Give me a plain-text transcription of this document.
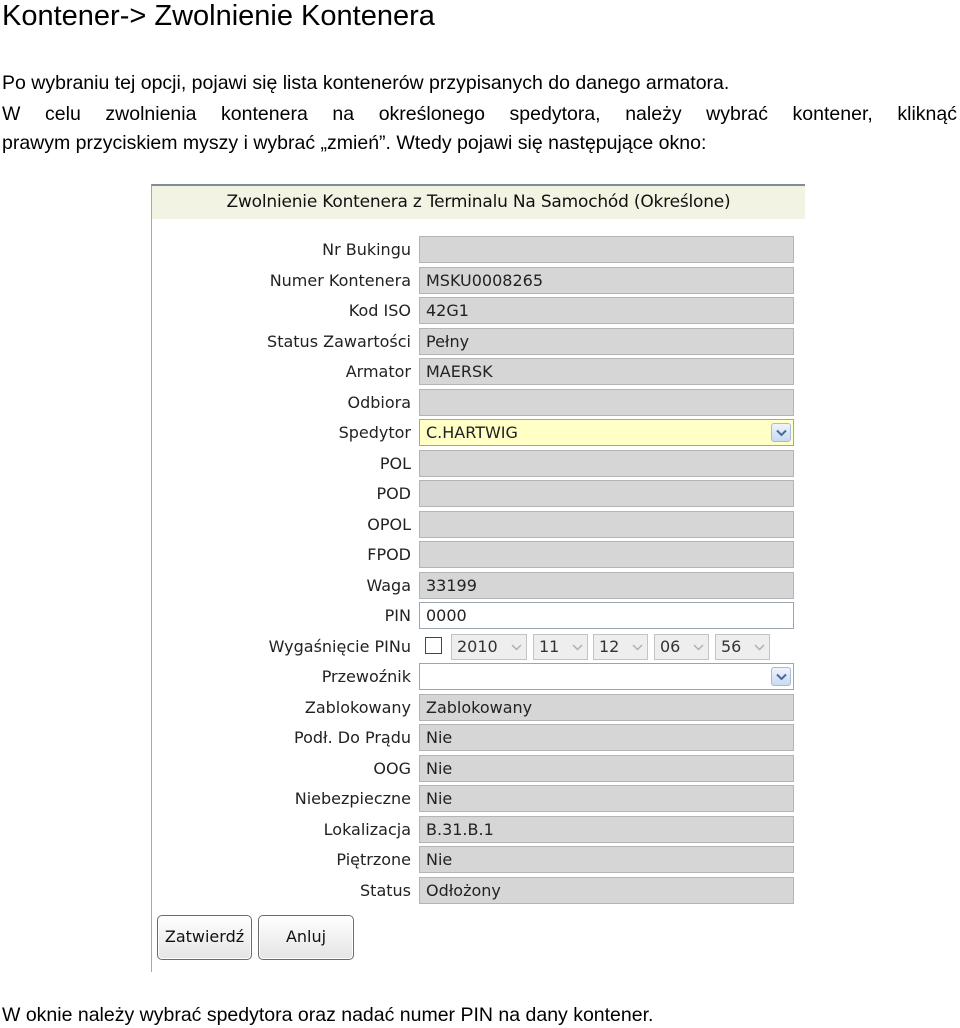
Kontener-> Zwolnienie Kontenera

Po wybraniu tej opcji, pojawi się lista kontenerów przypisanych do danego armatora.

W celu zwolnienia kontenera na określonego spedytora, należy wybrać kontener, kliknąć

prawym przyciskiem myszy i wybrać „zmień”. Wtedy pojawi się następujące okno:

Zwolnienie Kontenera z Terminalu Na Samochód (Określone)
Nr Bukingu
Numer Kontenera MSKU0008265
Kod ISO 42G1
Status Zawartości Pełny
Armator MAERSK
Odbiora
Spedytor C.HARTWIG
POL
POD
OPOL
FPOD
Waga 33199
PIN 0000
Wygaśnięcie PINu	2010	11	12	06	56
Przewoźnik
Zablokowany Zablokowany
Podł. Do Prądu Nie
OOG Nie
Niebezpieczne Nie
Lokalizacja B.31.B.1
Piętrzone Nie
Status Odłożony
Zatwierdź	Anluj

W oknie należy wybrać spedytora oraz nadać numer PIN na dany kontener.
